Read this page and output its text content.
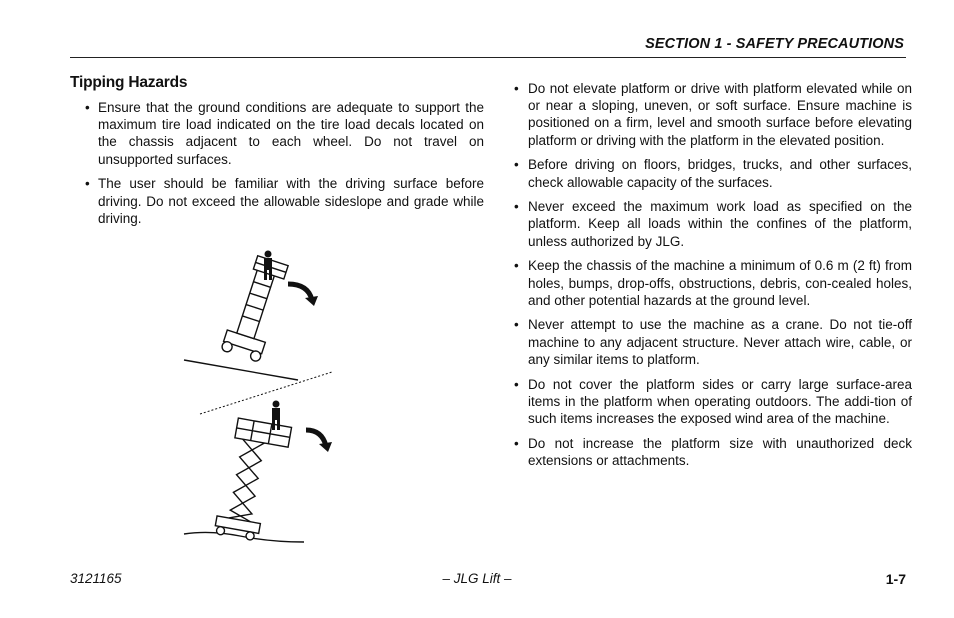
SECTION 1 - SAFETY PRECAUTIONS
Tipping Hazards
• Ensure that the ground conditions are adequate to support the maximum tire load indicated on the tire load decals located on the chassis adjacent to each wheel. Do not travel on unsupported surfaces.
• The user should be familiar with the driving surface before driving. Do not exceed the allowable sideslope and grade while driving.
• Do not elevate platform or drive with platform elevated while on or near a sloping, uneven, or soft surface. Ensure machine is positioned on a firm, level and smooth surface before elevating platform or driving with the platform in the elevated position.
• Before driving on floors, bridges, trucks, and other surfaces, check allowable capacity of the surfaces.
• Never exceed the maximum work load as specified on the platform. Keep all loads within the confines of the platform, unless authorized by JLG.
• Keep the chassis of the machine a minimum of 0.6 m (2 ft) from holes, bumps, drop-offs, obstructions, debris, con-cealed holes, and other potential hazards at the ground level.
• Never attempt to use the machine as a crane. Do not tie-off machine to any adjacent structure. Never attach wire, cable, or any similar items to platform.
• Do not cover the platform sides or carry large surface-area items in the platform when operating outdoors. The addi-tion of such items increases the exposed wind area of the machine.
• Do not increase the platform size with unauthorized deck extensions or attachments.
3121165	– JLG Lift –	1-7
